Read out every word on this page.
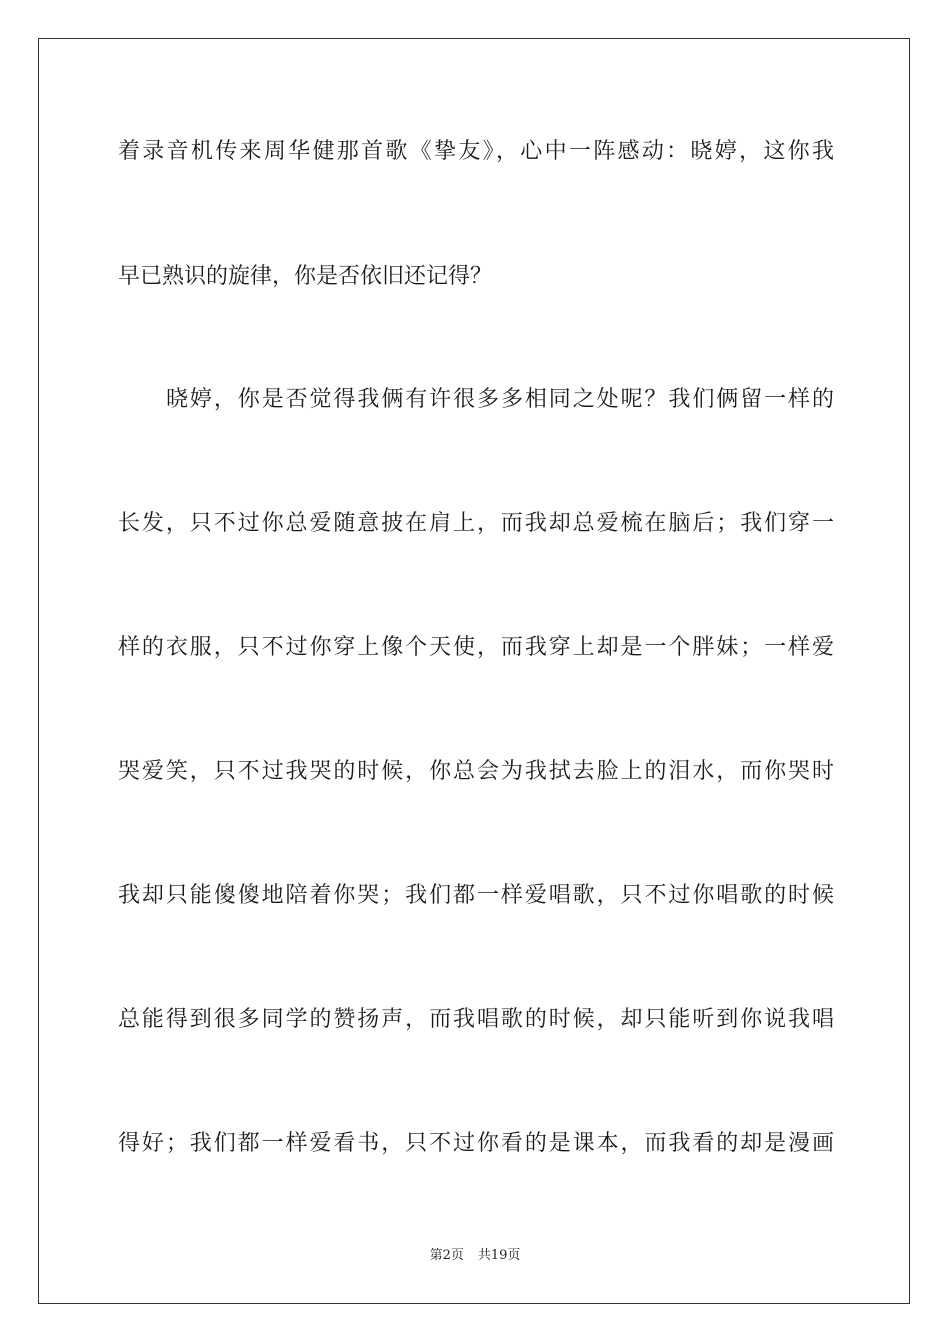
着录音机传来周华健那首歌《挚友》，心中一阵感动：晓婷，这你我
早已熟识的旋律，你是否依旧还记得？
晓婷，你是否觉得我俩有许很多多相同之处呢？我们俩留一样的
长发，只不过你总爱随意披在肩上，而我却总爱梳在脑后；我们穿一
样的衣服，只不过你穿上像个天使，而我穿上却是一个胖妹；一样爱
哭爱笑，只不过我哭的时候，你总会为我拭去脸上的泪水，而你哭时
我却只能傻傻地陪着你哭；我们都一样爱唱歌，只不过你唱歌的时候
总能得到很多同学的赞扬声，而我唱歌的时候，却只能听到你说我唱
得好；我们都一样爱看书，只不过你看的是课本，而我看的却是漫画
第2页 共19页
